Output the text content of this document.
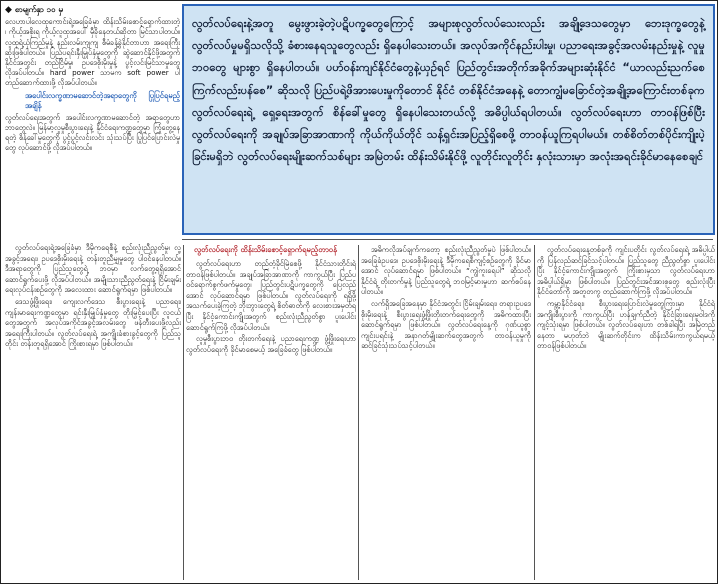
◆ စာမျက်နှာ ၁၀ မှ
လေဟာပါလေထုကောင်းရဲ့အခြေခံမှာ ထိန်းသိမ်းစောင့်ရှောက်ထားတဲ့ ၊ ကိုယ့်အစိုးရ ကိုယ့်လူထုအပေါ် မှီခိုနေတယ်ဆိုတာ မြင်သာပါတယ်။ လူထုရဲ့ယုံကြည်မှုနဲ့ နည်းလမ်းကျကျ စီမံခန့်ခွဲနိုင်တာဟာ အရေးကြီးဆုံးဖြစ်ပါတယ်။ ပြည်ပရင်းနှီးမြှုပ်နှံမှုတွေကို ဆွဲဆောင်နိုင်ဖို့အတွက် နိုင်ငံအတွင်း တည်ငြိမ်မှု၊ ဥပဒေစိုးမိုးမှုနဲ့ ပွင့်လင်းမြင်သာမှုတွေ လိုအပ်ပါတယ်။ hard power သာမက soft power ပါ တည်ဆောက်ထားဖို့ လိုအပ်ပါတယ်။
အပေါင်းလက္ခဏာမဆောင်တဲ့အရာတွေကို ပြုပြင်ရမည့်အချိန်
လွတ်လပ်ရေးအတွက် အပေါင်းလက္ခဏာမဆောင်တဲ့ အရာတွေဟာ ဘာတွေလဲ။ မြန်မာ့လူမှုစီးပွားရေးနဲ့ နိုင်ငံရေးကဏ္ဍတွေမှာ ကြုံတွေ့နေရတဲ့ စိန်ခေါ်မှုတွေကို ပွင့်ပွင့်လင်းလင်း သုံးသပ်ပြီး ပြုပြင်ပြောင်းလဲမှုတွေ လုပ်ဆောင်ဖို့ လိုအပ်ပါတယ်။
လွတ်လပ်ရေးနဲ့အတူ မွေးဖွားခဲ့တဲ့ပဋိပက္ခတွေကြောင့် အများစုလွတ်လပ်သေးလည်း အချို့ဒေသတွေမှာ ဘေးဒုက္ခတွေနဲ့ လွတ်လပ်မှုမရှိသလိုသို့ ခံစားနေရသူတွေလည်း ရှိနေပါသေးတယ်။ အလုပ်အကိုင်နည်းပါးမှု၊ ပညာရေးအခွင့်အလမ်းနည်းမှုနဲ့ လူမှုဘဝတွေ များစွာ ရှိနေပါတယ်။ ပဟ်ဝန်းကျင်နိုင်ငံတွေနဲ့ယှဉ်ရင် ပြည်တွင်းအတိုက်အခိုက်အများဆုံးနိုင်ငံ “ယာလည်းညက်စေ ကြက်လည်းပန်စေ” ဆိုသလို ပြည်ပရဲ့ဖိအားပေးမှုကိုတောင် နိုင်ငံ တစ်နိုင်ငံအနေနဲ့ တောကျွံမခြောင်တဲ့အချို့အကြောင်းတစ်ခုက လွတ်လပ်ရေးရဲ့ ရှေ့ရေးအတွက် စိန်ခေါ်မှုတွေ ရှိနေပါသေးတယ်လို့ အဓိပ္ပါယ်ရပါတယ်။ လွတ်လပ်ရေးဟာ တာဝန်ဖြစ်ပြီး လွတ်လပ်ရေးကို အချုပ်အခြာအာဏာကို ကိုယ်ကိုယ်တိုင် သန့်ရှင်းအပြည့်ရှိစေဖို့ တာဝန်ယူကြရပါမယ်။ တစ်စိတ်တစ်ပိုင်းကျိုးပဲ့ခြင်းမရှိဘဲ လွတ်လပ်ရေးမျိုးဆက်သစ်များ အမြဲတမ်း ထိန်းသိမ်းနိုင်ဖို့ လူတိုင်းလူတိုင်း နှလုံးသားမှာ အလုံးအရင်းခိုင်မာနေစေချင်

လွတ်လပ်ရေးရဲ့အခြေခံမှာ ဒီမိုကရေစီနဲ့ စည်းလုံးညီညွတ်မှု၊ လူ့အခွင့်အရေး၊ ဥပဒေစိုးမိုးရေးနဲ့ တန်းတူညီမျှမှုတွေ ပါဝင်နေပါတယ်။ ဒီအရာတွေကို ပြည်သူတွေရဲ့ ဘဝမှာ လက်တွေ့ရရှိအောင် ဆောင်ရွက်ပေးဖို့ လိုအပ်ပါတယ်။ အမျိုးသားညီညွတ်ရေးနဲ့ ငြိမ်းချမ်းရေးလုပ်ငန်းစဉ်တွေကို အလေးထား ဆောင်ရွက်ရမှာ ဖြစ်ပါတယ်။

ဒေသဖွံ့ဖြိုးရေး၊ ကျေးလက်ဒေသ စီးပွားရေးနဲ့ ပညာရေး၊ ကျန်းမာရေးကဏ္ဍတွေမှာ ရင်းနှီးမြှုပ်နှံမှုတွေ တိုးမြှင့်ပေးပြီး လူငယ်တွေအတွက် အလုပ်အကိုင်အခွင့်အလမ်းတွေ ဖန်တီးပေးဖို့လည်း အရေးကြီးပါတယ်။ လွတ်လပ်ရေးရဲ့ အကျိုးခံစားခွင့်တွေကို ပြည်သူတိုင်း တန်းတူရရှိအောင် ကြိုးစားရမှာ ဖြစ်ပါတယ်။

လွတ်လပ်ရေးကို ထိန်းသိမ်းစောင့်ရှောက်ရမည့်တာဝန်

လွတ်လပ်ရေးဟာ တည်တံ့ခိုင်မြဲစေဖို့ နိုင်ငံသားတိုင်းရဲ့ တာဝန်ဖြစ်ပါတယ်။ အချုပ်အခြာအာဏာကို ကာကွယ်ပြီး ပြည်ပဝင်ရောက်စွက်ဖက်မှုတွေ၊ ပြည်တွင်းပဋိပက္ခတွေကို ပြေလည်အောင် လုပ်ဆောင်ရမှာ ဖြစ်ပါတယ်။ လွတ်လပ်ရေးကို ရရှိဖို့ အသက်ပေးခဲ့ကြတဲ့ ဘိုးဘွားတွေရဲ့ စိတ်ဓာတ်ကို လေးစားအမှတ်ရပြီး နိုင်ငံ့ကောင်းကျိုးအတွက် စည်းလုံးညီညွတ်စွာ ပူးပေါင်းဆောင်ရွက်ကြဖို့ လိုအပ်ပါတယ်။

လူမှုစီးပွားဘဝ တိုးတက်ရေးနဲ့ ပညာရေးကဏ္ဍ ဖွံ့ဖြိုးရေးဟာ လွတ်လပ်ရေးကို ခိုင်မာစေမယ့် အခြေခံတွေ ဖြစ်ပါတယ်။

အဓိကလိုအပ်ချက်ကတော့ စည်းလုံးညီညွတ်မှုပဲ ဖြစ်ပါတယ်။ အခြေခံဥပဒေ၊ ဥပဒေစိုးမိုးရေးနဲ့ ဒီမိုကရေစီကျင့်စဉ်တွေကို ခိုင်မာအောင် လုပ်ဆောင်ရမှာ ဖြစ်ပါတယ်။ “ကျွဲကူးရေပါ” ဆိုသလို နိုင်ငံရဲ့ တိုးတက်မှုနဲ့ ပြည်သူတွေရဲ့ ဘဝမြင့်မားမှုဟာ ဆက်စပ်နေပါတယ်။

လက်ရှိအခြေအနေမှာ နိုင်ငံအတွင်း ငြိမ်းချမ်းရေး၊ တရားဥပဒေစိုးမိုးရေးနဲ့ စီးပွားရေးဖွံ့ဖြိုးတိုးတက်ရေးတွေကို အဓိကထားပြီး ဆောင်ရွက်ရမှာ ဖြစ်ပါတယ်။ လွတ်လပ်ရေးနေ့ကို ဂုဏ်ယူစွာ ကျင်းပရင်းနဲ့ အနာဂတ်မျိုးဆက်တွေအတွက် တာဝန်ယူမှုကို ဆင်ခြင်သုံးသပ်သင့်ပါတယ်။

လွတ်လပ်ရေးနေ့တစ်ခုကို ကျင်းပတိုင်း လွတ်လပ်ရေးရဲ့ အဓိပ္ပါယ်ကို ပြန်လည်ဆင်ခြင်သင့်ပါတယ်။ ပြည်သူတွေ ညီညွတ်စွာ ပူးပေါင်းပြီး နိုင်ငံ့ကောင်းကျိုးအတွက် ကြိုးစားမှသာ လွတ်လပ်ရေးဟာ အဓိပ္ပါယ်ရှိမှာ ဖြစ်ပါတယ်။ ပြည်တွင်းအင်အားစုတွေ စည်းလုံးပြီး နိုင်ငံတော်ကို အတူတကွ တည်ဆောက်ကြဖို့ လိုအပ်ပါတယ်။

ကမ္ဘာ့နိုင်ငံရေး၊ စီးပွားရေးပြောင်းလဲမှုတွေကြားမှာ နိုင်ငံရဲ့အကျိုးစီးပွားကို ကာကွယ်ပြီး ဟန်ချက်ညီတဲ့ နိုင်ငံခြားရေးမူဝါဒကို ကျင့်သုံးရမှာ ဖြစ်ပါတယ်။ လွတ်လပ်ရေးဟာ တစ်ခါရပြီး အမြဲတည်နေတာ မဟုတ်ဘဲ မျိုးဆက်တိုင်းက ထိန်းသိမ်းကာကွယ်ရမယ့် တာဝန်ဖြစ်ပါတယ်။
